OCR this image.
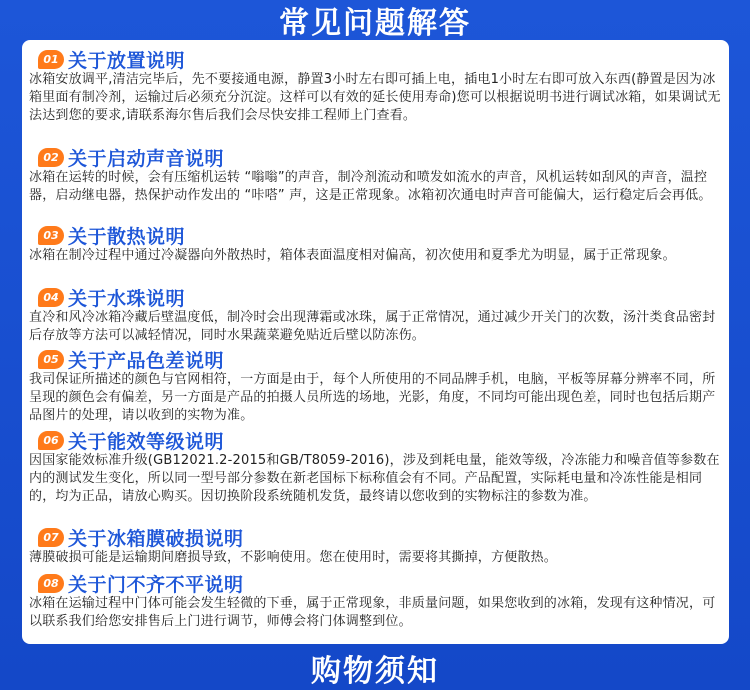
常见问题解答
01 关于放置说明
冰箱安放调平,清洁完毕后，先不要接通电源，静置3小时左右即可插上电，插电1小时左右即可放入东西(静置是因为冰箱里面有制冷剂，运输过后必须充分沉淀。这样可以有效的延长使用寿命)您可以根据说明书进行调试冰箱，如果调试无法达到您的要求,请联系海尔售后我们会尽快安排工程师上门查看。
02 关于启动声音说明
冰箱在运转的时候，会有压缩机运转 “嗡嗡”的声音，制冷剂流动和喷发如流水的声音，风机运转如刮风的声音，温控器，启动继电器，热保护动作发出的 “咔嗒” 声，这是正常现象。冰箱初次通电时声音可能偏大，运行稳定后会再低。
03 关于散热说明
冰箱在制冷过程中通过冷凝器向外散热时，箱体表面温度相对偏高，初次使用和夏季尤为明显，属于正常现象。
04 关于水珠说明
直冷和风冷冰箱冷藏后壁温度低，制冷时会出现薄霜或冰珠，属于正常情况，通过减少开关门的次数，汤汁类食品密封后存放等方法可以减轻情况，同时水果蔬菜避免贴近后壁以防冻伤。
05 关于产品色差说明
我司保证所描述的颜色与官网相符，一方面是由于，每个人所使用的不同品牌手机，电脑，平板等屏幕分辨率不同，所呈现的颜色会有偏差，另一方面是产品的拍摄人员所选的场地，光影，角度，不同均可能出现色差，同时也包括后期产品图片的处理，请以收到的实物为准。
06 关于能效等级说明
因国家能效标准升级(GB12021.2-2015和GB/T8059-2016)，涉及到耗电量，能效等级，冷冻能力和噪音值等参数在内的测试发生变化，所以同一型号部分参数在新老国标下标称值会有不同。产品配置，实际耗电量和冷冻性能是相同的，均为正品，请放心购买。因切换阶段系统随机发货，最终请以您收到的实物标注的参数为准。
07 关于冰箱膜破损说明
薄膜破损可能是运输期间磨损导致，不影响使用。您在使用时，需要将其撕掉，方便散热。
08 关于门不齐不平说明
冰箱在运输过程中门体可能会发生轻微的下垂，属于正常现象，非质量问题，如果您收到的冰箱，发现有这种情况，可以联系我们给您安排售后上门进行调节，师傅会将门体调整到位。
购物须知
